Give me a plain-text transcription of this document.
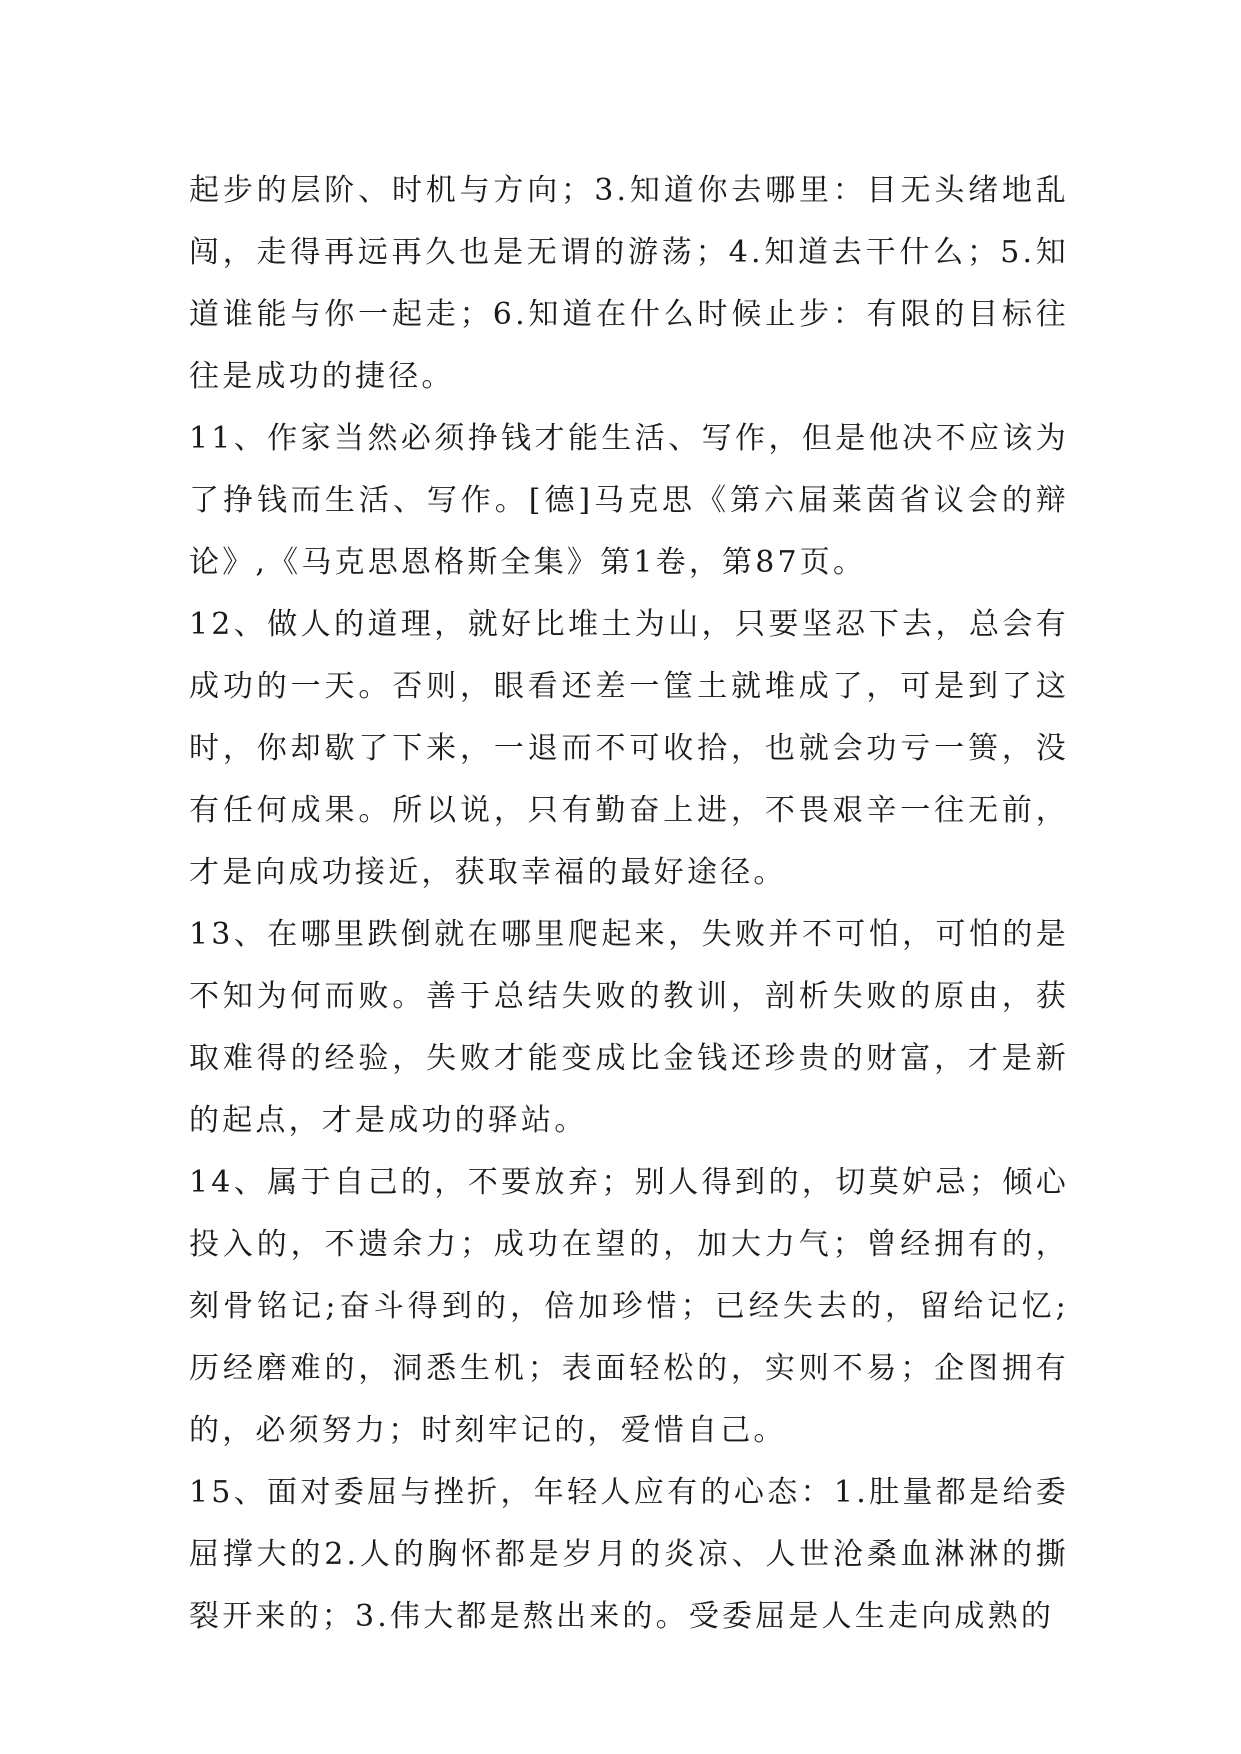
起步的层阶、时机与方向；3.知道你去哪里：目无头绪地乱闯，走得再远再久也是无谓的游荡；4.知道去干什么；5.知道谁能与你一起走；6.知道在什么时候止步：有限的目标往往是成功的捷径。

11、作家当然必须挣钱才能生活、写作，但是他决不应该为了挣钱而生活、写作。[德]马克思《第六届莱茵省议会的辩论》,《马克思恩格斯全集》第1卷，第87页。

12、做人的道理，就好比堆土为山，只要坚忍下去，总会有成功的一天。否则，眼看还差一筐土就堆成了，可是到了这时，你却歇了下来，一退而不可收拾，也就会功亏一篑，没有任何成果。所以说，只有勤奋上进，不畏艰辛一往无前，才是向成功接近，获取幸福的最好途径。

13、在哪里跌倒就在哪里爬起来，失败并不可怕，可怕的是不知为何而败。善于总结失败的教训，剖析失败的原由，获取难得的经验，失败才能变成比金钱还珍贵的财富，才是新的起点，才是成功的驿站。

14、属于自己的，不要放弃；别人得到的，切莫妒忌；倾心投入的，不遗余力；成功在望的，加大力气；曾经拥有的，刻骨铭记;奋斗得到的，倍加珍惜；已经失去的，留给记忆;历经磨难的，洞悉生机；表面轻松的，实则不易；企图拥有的，必须努力；时刻牢记的，爱惜自己。

15、面对委屈与挫折，年轻人应有的心态：1.肚量都是给委屈撑大的2.人的胸怀都是岁月的炎凉、人世沧桑血淋淋的撕裂开来的；3.伟大都是熬出来的。受委屈是人生走向成熟的
